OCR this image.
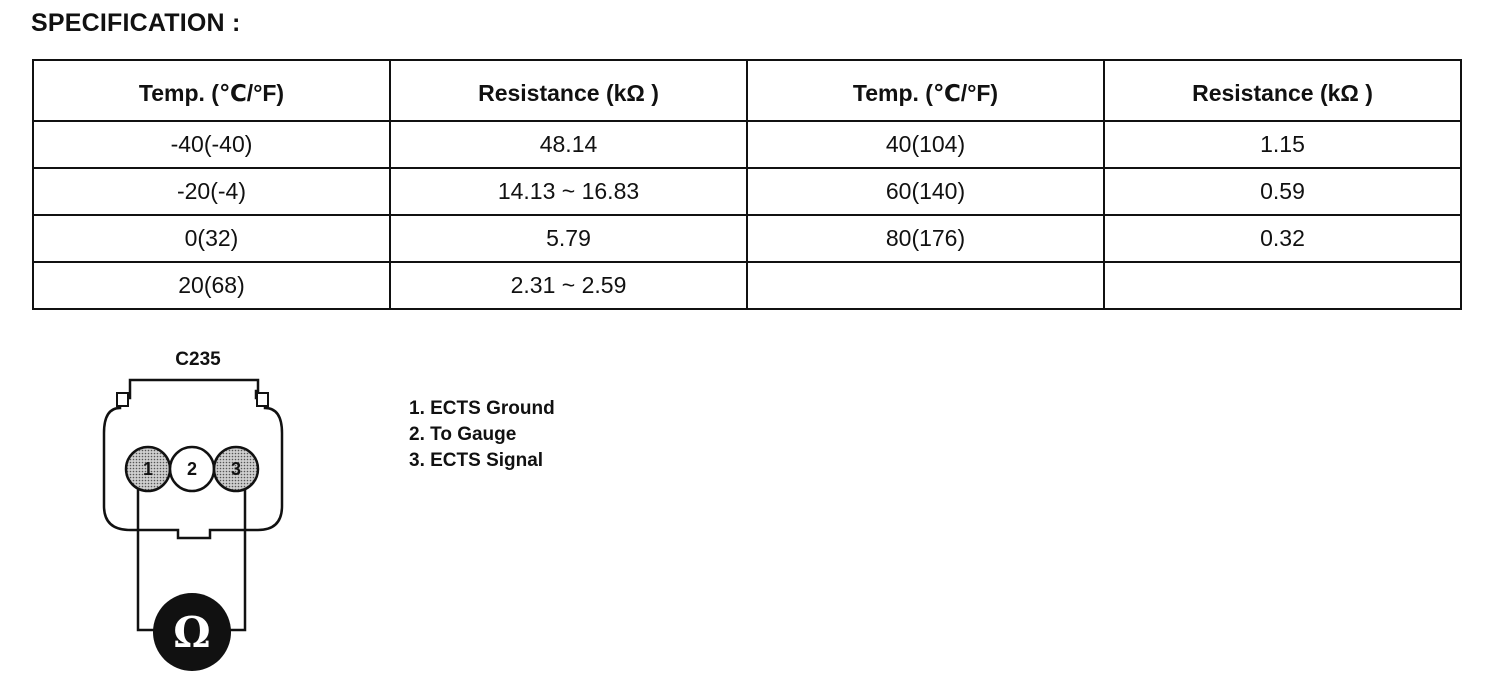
SPECIFICATION :
Temp. (℃/°F)	Resistance (kΩ )	Temp. (℃/°F)	Resistance (kΩ )
-40(-40)	48.14	40(104)	1.15
-20(-4)	14.13 ~ 16.83	60(140)	0.59
0(32)	5.79	80(176)	0.32
20(68)	2.31 ~ 2.59		
C235
1 2 3
Ω
1. ECTS Ground
2. To Gauge
3. ECTS Signal
